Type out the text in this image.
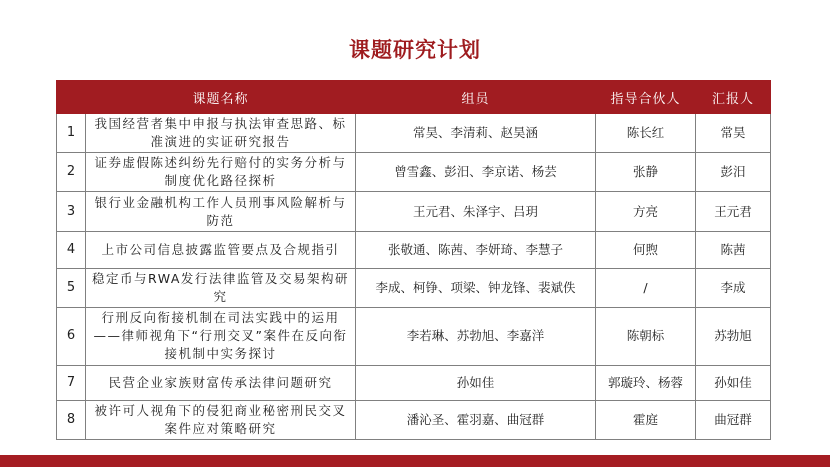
课题研究计划
	课题名称	组员	指导合伙人	汇报人
1	我国经营者集中申报与执法审查思路、标准演进的实证研究报告	常昊、李清莉、赵昊涵	陈长红	常昊
2	证券虚假陈述纠纷先行赔付的实务分析与制度优化路径探析	曾雪鑫、彭汨、李京诺、杨芸	张静	彭汨
3	银行业金融机构工作人员刑事风险解析与防范	王元君、朱泽宇、吕玥	方亮	王元君
4	上市公司信息披露监管要点及合规指引	张敬通、陈茜、李妍琦、李慧子	何煦	陈茜
5	稳定币与RWA发行法律监管及交易架构研究	李成、柯铮、项梁、钟龙锋、裴斌佚	/	李成
6	行刑反向衔接机制在司法实践中的运用——律师视角下“行刑交叉”案件在反向衔接机制中实务探讨	李若琳、苏勃旭、李嘉洋	陈朝标	苏勃旭
7	民营企业家族财富传承法律问题研究	孙如佳	郭璇玲、杨蓉	孙如佳
8	被许可人视角下的侵犯商业秘密刑民交叉案件应对策略研究	潘沁圣、霍羽嘉、曲冠群	霍庭	曲冠群
